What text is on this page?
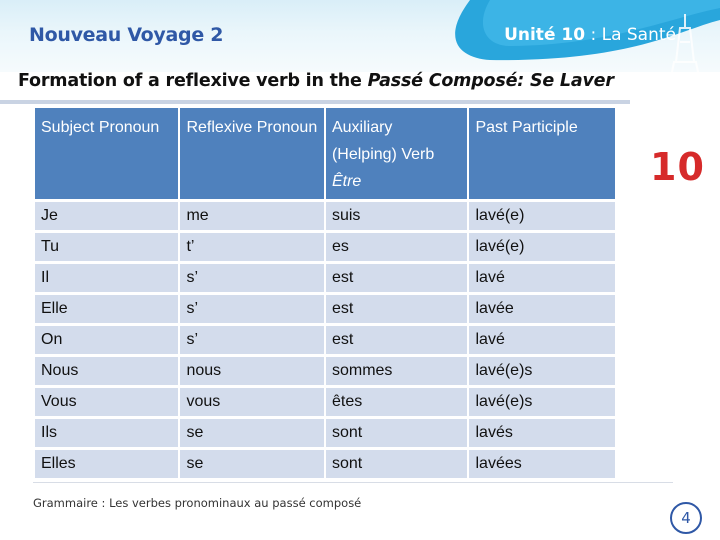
Nouveau Voyage 2	Unité 10 : La Santé
10
Formation of a reflexive verb in the Passé Composé: Se Laver
Subject Pronoun	Reflexive Pronoun	Auxiliary (Helping) Verb Être	Past Participle
Je	me	suis	lavé(e)
Tu	t’	es	lavé(e)
Il	s’	est	lavé
Elle	s’	est	lavée
On	s’	est	lavé
Nous	nous	sommes	lavé(e)s
Vous	vous	êtes	lavé(e)s
Ils	se	sont	lavés
Elles	se	sont	lavées
Grammaire : Les verbes pronominaux au passé composé
4
